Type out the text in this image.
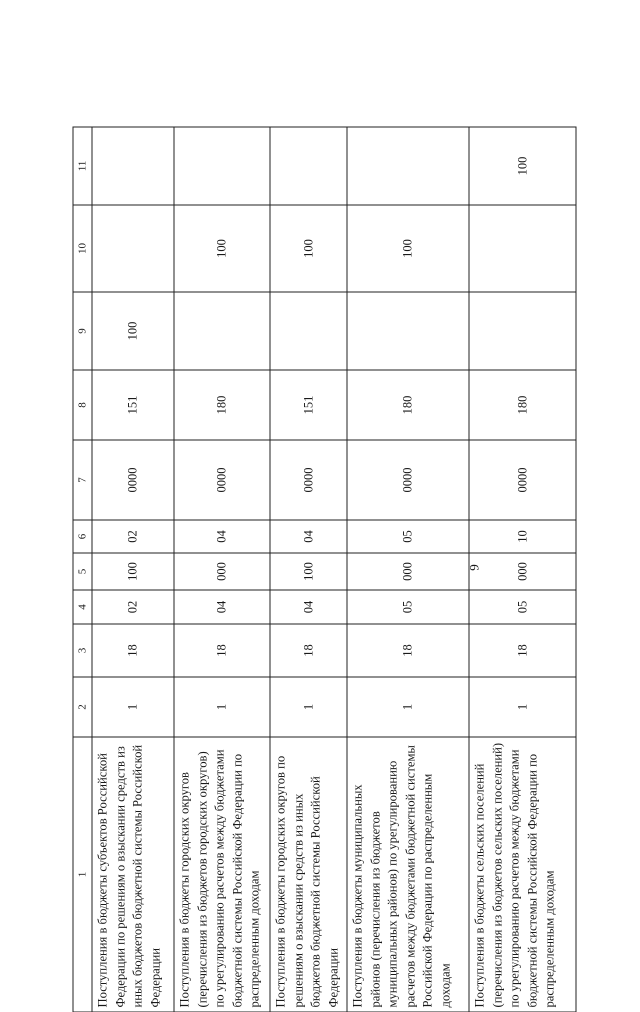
1	2	3	4	5	6	7	8	9	10	11
Поступления в бюджеты субъектов Российской Федерации по решениям о взыскании средств из иных бюджетов бюджетной системы Российской Федерации	1	18	02	100	02	0000	151	100		
Поступления в бюджеты городских округов (перечисления из бюджетов городских округов) по урегулированию расчетов между бюджетами бюджетной системы Российской Федерации по распределенным доходам	1	18	04	000	04	0000	180		100	
Поступления в бюджеты городских округов по решениям о взыскании средств из иных бюджетов бюджетной системы Российской Федерации	1	18	04	100	04	0000	151		100	
Поступления в бюджеты муниципальных районов (перечисления из бюджетов муниципальных районов) по урегулированию расчетов между бюджетами бюджетной системы Российской Федерации по распределенным доходам	1	18	05	000	05	0000	180		100	
Поступления в бюджеты сельских поселений (перечисления из бюджетов сельских поселений) по урегулированию расчетов между бюджетами бюджетной системы Российской Федерации по распределенным доходам	1	18	05	000	10	0000	180			100
9
